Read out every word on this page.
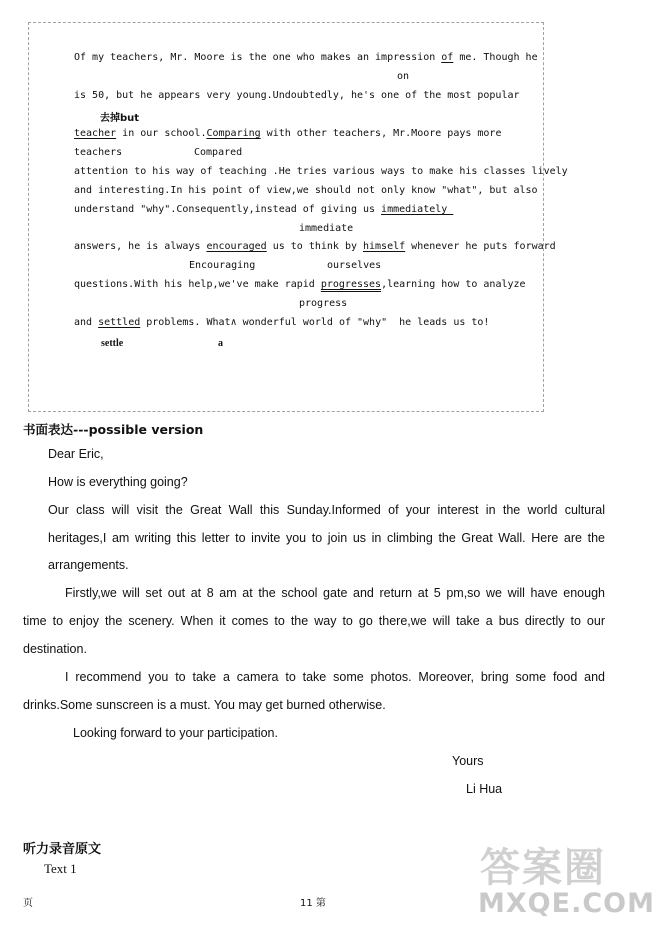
Of my teachers, Mr. Moore is the one who makes an impression of me. Though he
on
is 50, but he appears very young.Undoubtedly, he's one of the most popular
去掉but
teacher in our school.Comparing with other teachers, Mr.Moore pays more
teachers	Compared
attention to his way of teaching .He tries various ways to make his classes lively
and interesting.In his point of view,we should not only know "what", but also
understand "why".Consequently,instead of giving us immediately
immediate
answers, he is always encouraged us to think by himself whenever he puts forward
Encouraging	ourselves
questions.With his help,we've make rapid progresses,learning how to analyze
progress
and settled problems. What∧ wonderful world of "why"  he leads us to!
settle	a
书面表达---possible version
Dear Eric,
How is everything going?
Our class will visit the Great Wall this Sunday.Informed of your interest in the world cultural
heritages,I am writing this letter to invite you to join us in climbing the Great Wall. Here are the
arrangements.
Firstly,we will set out at 8 am at the school gate and return at 5 pm,so we will have enough
time to enjoy the scenery. When it comes to the way to go there,we will take a bus directly to our
destination.
I recommend you to take a camera to take some photos. Moreover, bring some food and
drinks.Some sunscreen is a must. You may get burned otherwise.
Looking forward to your participation.
Yours
Li Hua
听力录音原文
Text 1
页	11 第
答案圈
MXQE.COM
